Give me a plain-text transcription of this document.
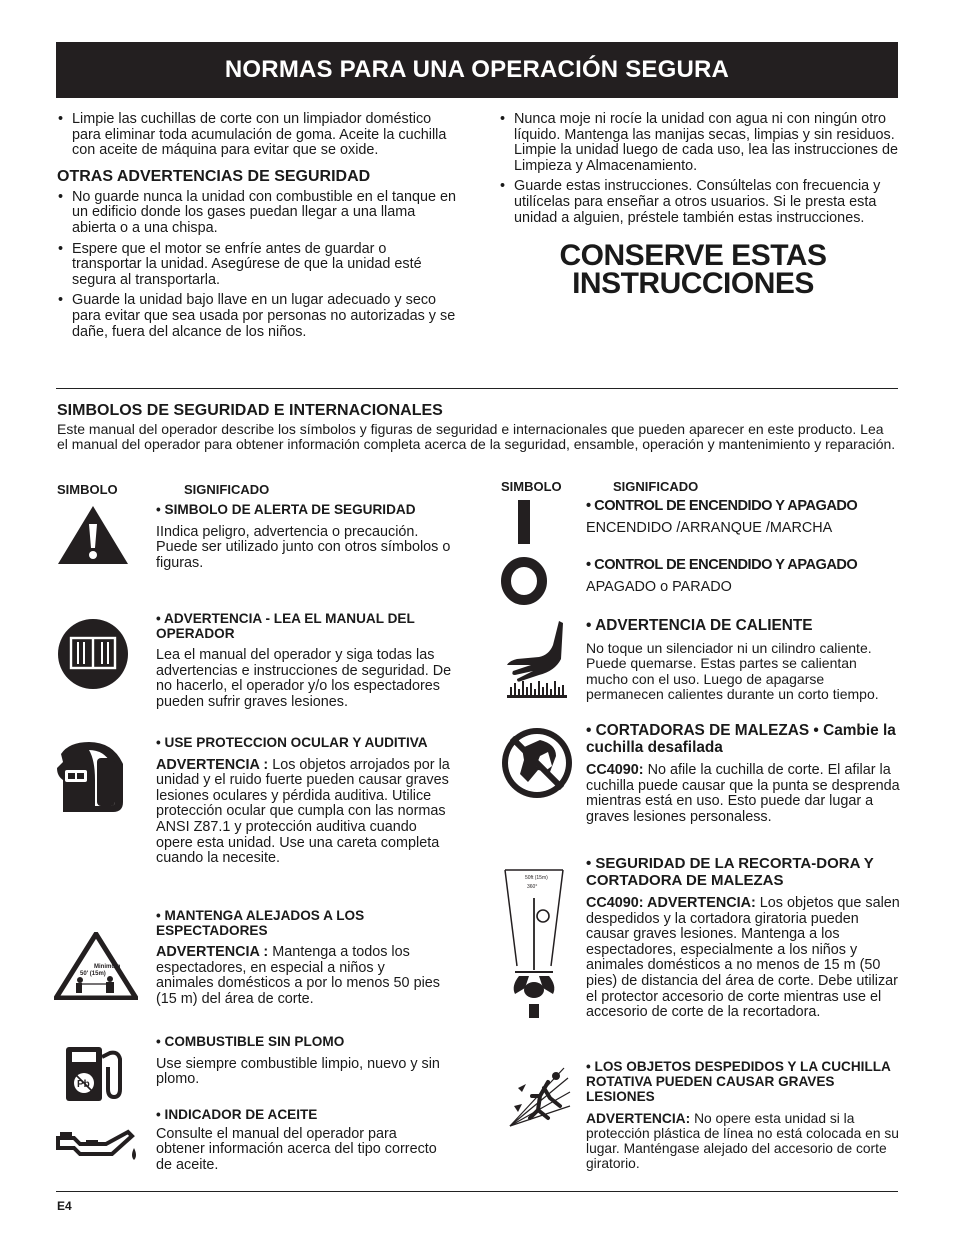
NORMAS PARA UNA OPERACIÓN SEGURA
• Limpie las cuchillas de corte con un limpiador doméstico para eliminar toda acumulación de goma. Aceite la cuchilla con aceite de máquina para evitar que se oxide.
OTRAS ADVERTENCIAS DE SEGURIDAD
• No guarde nunca la unidad con combustible en el tanque en un edificio donde los gases puedan llegar a una llama abierta o a una chispa.
• Espere que el motor se enfríe antes de guardar o transportar la unidad. Asegúrese de que la unidad esté segura al transportarla.
• Guarde la unidad bajo llave en un lugar adecuado y seco para evitar que sea usada por personas no autorizadas y se dañe, fuera del alcance de los niños.
• Nunca moje ni rocíe la unidad con agua ni con ningún otro líquido. Mantenga las manijas secas, limpias y sin residuos. Limpie la unidad luego de cada uso, lea las instrucciones de Limpieza y Almacenamiento.
• Guarde estas instrucciones. Consúltelas con frecuencia y utilícelas para enseñar a otros usuarios. Si le presta esta unidad a alguien, préstele también estas instrucciones.
CONSERVE ESTAS
INSTRUCCIONES
SIMBOLOS DE SEGURIDAD E INTERNACIONALES
Este manual del operador describe los símbolos y figuras de seguridad e internacionales que pueden aparecer en este producto. Lea el manual del operador para obtener información completa acerca de la seguridad, ensamble, operación y mantenimiento y reparación.
SIMBOLO	SIGNIFICADO	SIMBOLO	SIGNIFICADO
• SIMBOLO DE ALERTA DE SEGURIDAD
IIndica peligro, advertencia o precaución. Puede ser utilizado junto con otros símbolos o figuras.
• ADVERTENCIA - LEA EL MANUAL DEL OPERADOR
Lea el manual del operador y siga todas las advertencias e instrucciones de seguridad. De no hacerlo, el operador y/o los espectadores pueden sufrir graves lesiones.
• USE PROTECCION OCULAR Y AUDITIVA
ADVERTENCIA : Los objetos arrojados por la unidad y el ruido fuerte pueden causar graves lesiones oculares y pérdida auditiva. Utilice protección ocular que cumpla con las normas ANSI Z87.1 y protección auditiva cuando opere esta unidad. Use una careta completa cuando la necesite.
Minimum
50' (15m)
• MANTENGA ALEJADOS A LOS ESPECTADORES
ADVERTENCIA : Mantenga a todos los espectadores, en especial a niños y animales domésticos a por lo menos 50 pies (15 m) del área de corte.
Pb
• COMBUSTIBLE SIN PLOMO
Use siempre combustible limpio, nuevo y sin plomo.
• INDICADOR DE ACEITE
Consulte el manual del operador para obtener información acerca del tipo correcto de aceite.
• CONTROL DE ENCENDIDO Y APAGADO
ENCENDIDO /ARRANQUE /MARCHA
• CONTROL DE ENCENDIDO Y APAGADO
APAGADO o PARADO
• ADVERTENCIA DE CALIENTE
No toque un silenciador ni un cilindro caliente. Puede quemarse. Estas partes se calientan mucho con el uso. Luego de apagarse permanecen calientes durante un corto tiempo.
• CORTADORAS DE MALEZAS • Cambie la cuchilla desafilada
CC4090: No afile la cuchilla de corte. El afilar la cuchilla puede causar que la punta se desprenda mientras está en uso. Esto puede dar lugar a graves lesiones personaless.
50ft (15m)
360°
• SEGURIDAD DE LA RECORTA-DORA Y CORTADORA DE MALEZAS
CC4090: ADVERTENCIA: Los objetos que salen despedidos y la cortadora giratoria pueden causar graves lesiones. Mantenga a los espectadores, especialmente a los niños y animales domésticos a no menos de 15 m (50 pies) de distancia del área de corte. Debe utilizar el protector accesorio de corte mientras use el accesorio de corte de la recortadora.
• LOS OBJETOS DESPEDIDOS Y LA CUCHILLA ROTATIVA PUEDEN CAUSAR GRAVES LESIONES
ADVERTENCIA: No opere esta unidad si la protección plástica de línea no está colocada en su lugar. Manténgase alejado del accesorio de corte giratorio.
E4
